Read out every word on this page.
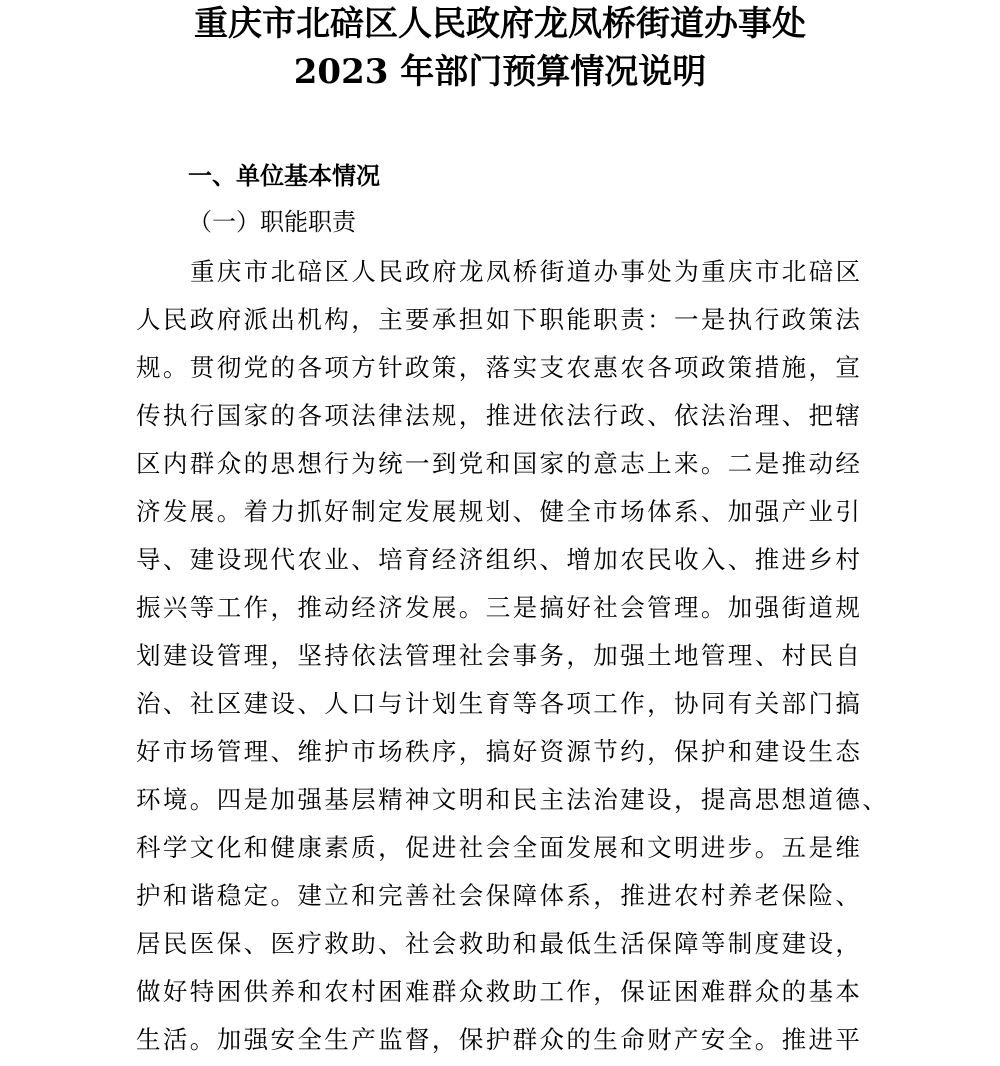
重庆市北碚区人民政府龙凤桥街道办事处
2023 年部门预算情况说明
一、单位基本情况
（一）职能职责
重庆市北碚区人民政府龙凤桥街道办事处为重庆市北碚区
人民政府派出机构，主要承担如下职能职责：一是执行政策法
规。贯彻党的各项方针政策，落实支农惠农各项政策措施，宣
传执行国家的各项法律法规，推进依法行政、依法治理、把辖
区内群众的思想行为统一到党和国家的意志上来。二是推动经
济发展。着力抓好制定发展规划、健全市场体系、加强产业引
导、建设现代农业、培育经济组织、增加农民收入、推进乡村
振兴等工作，推动经济发展。三是搞好社会管理。加强街道规
划建设管理，坚持依法管理社会事务，加强土地管理、村民自
治、社区建设、人口与计划生育等各项工作，协同有关部门搞
好市场管理、维护市场秩序，搞好资源节约，保护和建设生态
环境。四是加强基层精神文明和民主法治建设，提高思想道德、
科学文化和健康素质，促进社会全面发展和文明进步。五是维
护和谐稳定。建立和完善社会保障体系，推进农村养老保险、
居民医保、医疗救助、社会救助和最低生活保障等制度建设，
做好特困供养和农村困难群众救助工作，保证困难群众的基本
生活。加强安全生产监督，保护群众的生命财产安全。推进平
